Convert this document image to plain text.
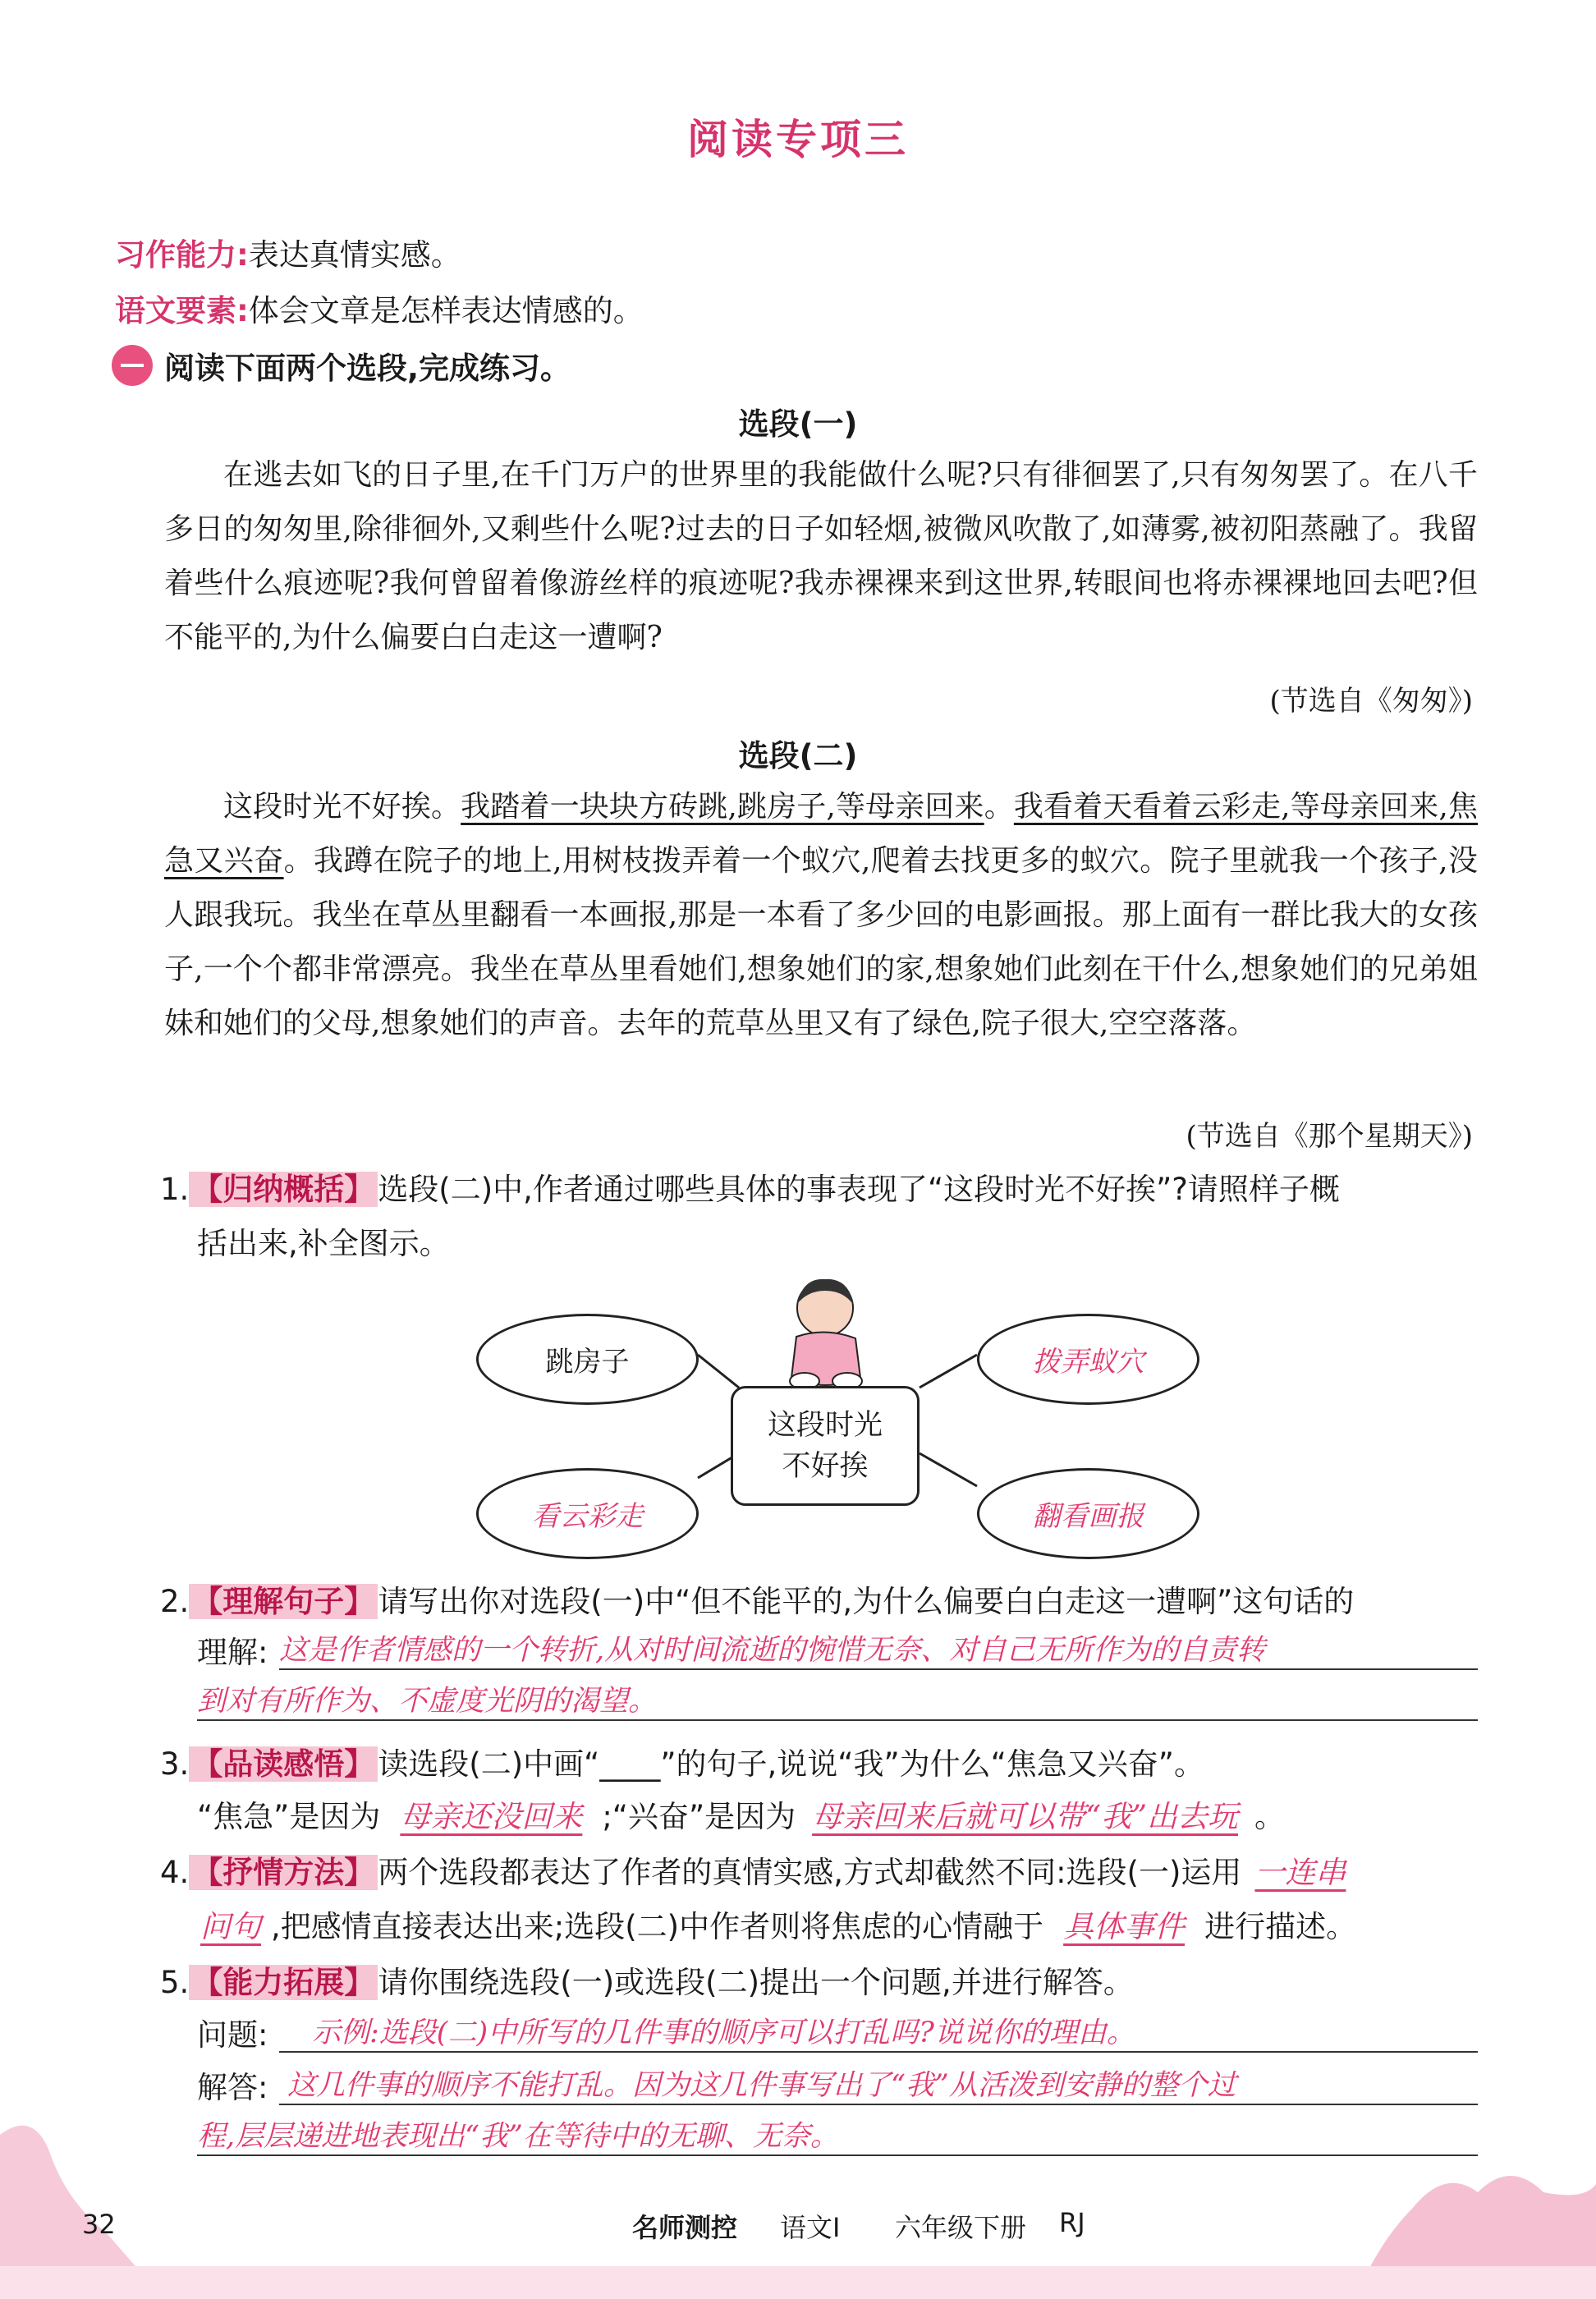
阅读专项三
习作能力:表达真情实感。
语文要素:体会文章是怎样表达情感的。
阅读下面两个选段,完成练习。
选段(一)
在逃去如飞的日子里,在千门万户的世界里的我能做什么呢?只有徘徊罢了,只有匆匆罢了。在八千多日的匆匆里,除徘徊外,又剩些什么呢?过去的日子如轻烟,被微风吹散了,如薄雾,被初阳蒸融了。我留着些什么痕迹呢?我何曾留着像游丝样的痕迹呢?我赤裸裸来到这世界,转眼间也将赤裸裸地回去吧?但不能平的,为什么偏要白白走这一遭啊?
(节选自《匆匆》)
选段(二)
这段时光不好挨。我踏着一块块方砖跳,跳房子,等母亲回来。我看着天看着云彩走,等母亲回来,焦急又兴奋。我蹲在院子的地上,用树枝拨弄着一个蚁穴,爬着去找更多的蚁穴。院子里就我一个孩子,没人跟我玩。我坐在草丛里翻看一本画报,那是一本看了多少回的电影画报。那上面有一群比我大的女孩子,一个个都非常漂亮。我坐在草丛里看她们,想象她们的家,想象她们此刻在干什么,想象她们的兄弟姐妹和她们的父母,想象她们的声音。去年的荒草丛里又有了绿色,院子很大,空空落落。
(节选自《那个星期天》)
1. 【归纳概括】 选段(二)中,作者通过哪些具体的事表现了“这段时光不好挨”?请照样子概
括出来,补全图示。
跳房子	拨弄蚁穴
看云彩走	翻看画报
这段时光
不好挨
2. 【理解句子】 请写出你对选段(一)中“但不能平的,为什么偏要白白走这一遭啊”这句话的
理解: 这是作者情感的一个转折,从对时间流逝的惋惜无奈、对自己无所作为的自责转
到对有所作为、不虚度光阴的渴望。
3. 【品读感悟】 读选段(二)中画“____”的句子,说说“我”为什么“焦急又兴奋”。
“焦急”是因为 母亲还没回来 ;“兴奋”是因为 母亲回来后就可以带“我”出去玩 。
4. 【抒情方法】 两个选段都表达了作者的真情实感,方式却截然不同:选段(一)运用 一连串
问句 ,把感情直接表达出来;选段(二)中作者则将焦虑的心情融于 具体事件 进行描述。
5. 【能力拓展】 请你围绕选段(一)或选段(二)提出一个问题,并进行解答。
问题: 示例:选段(二)中所写的几件事的顺序可以打乱吗?说说你的理由。
解答: 这几件事的顺序不能打乱。因为这几件事写出了“我”从活泼到安静的整个过
程,层层递进地表现出“我”在等待中的无聊、无奈。
32	名师测控 语文Ⅰ 六年级下册 RJ
